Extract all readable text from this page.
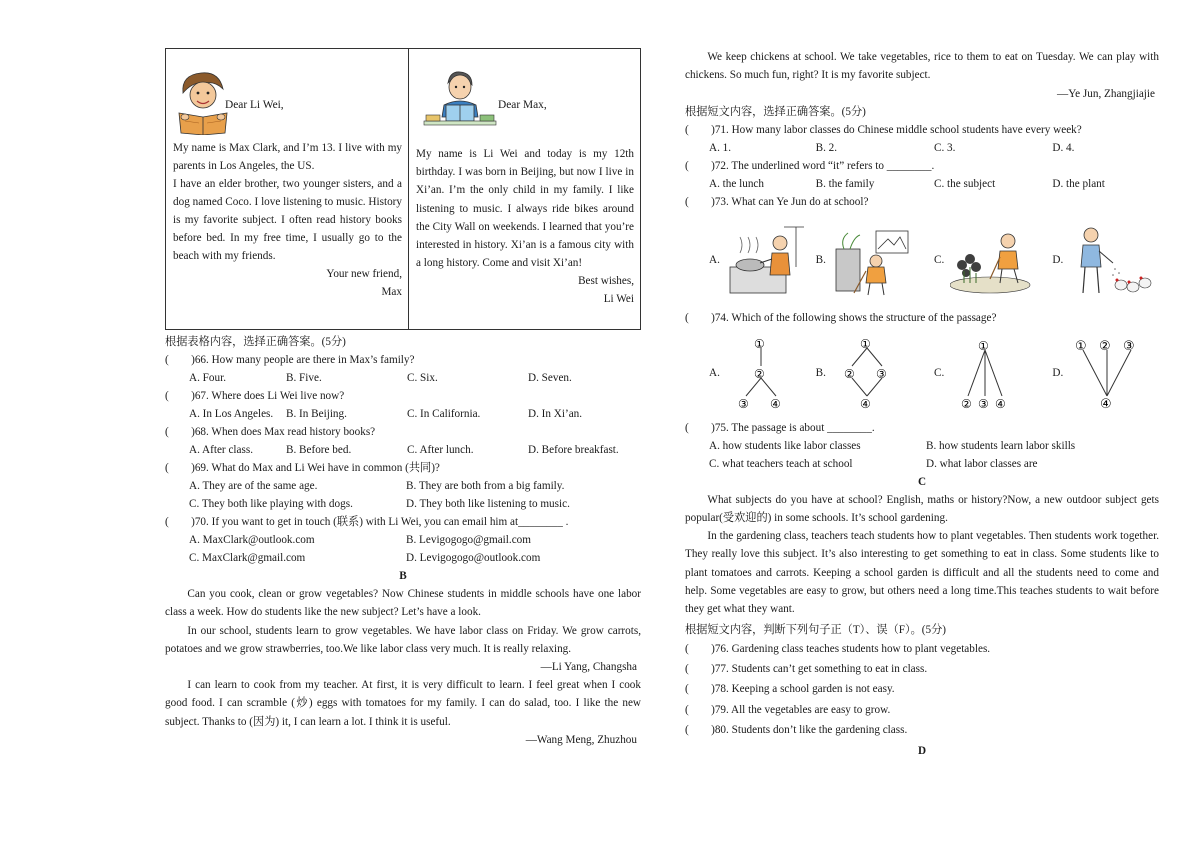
Dear Li Wei,

My name is Max Clark, and I’m 13. I live with my parents in Los Angeles, the US.

I have an elder brother, two younger sisters, and a dog named Coco. I love listening to music. History is my favorite subject. I often read history books before bed. In my free time, I usually go to the beach with my friends.

Your new friend,
Max
Dear Max,

My name is Li Wei and today is my 12th birthday. I was born in Beijing, but now I live in Xi’an. I’m the only child in my family. I like listening to music. I always ride bikes around the City Wall on weekends. I learned that you’re interested in history. Xi’an is a famous city with a long history. Come and visit Xi’an!

Best wishes,
Li Wei

根据表格内容，选择正确答案。(5分)

(　　)66. How many people are there in Max’s family?

A. Four.	B. Five.	C. Six.	D. Seven.

(　　)67. Where does Li Wei live now?

A. In Los Angeles.	B. In Beijing.	C. In California.	D. In Xi’an.

(　　)68. When does Max read history books?

A. After class.	B. Before bed.	C. After lunch.	D. Before breakfast.

(　　)69. What do Max and Li Wei have in common (共同)?

A. They are of the same age.	B. They are both from a big family.
C. They both like playing with dogs.	D. They both like listening to music.

(　　)70. If you want to get in touch (联系) with Li Wei, you can email him at________ .

A. MaxClark@outlook.com	B. Levigogogo@gmail.com
C. MaxClark@gmail.com	D. Levigogogo@outlook.com
B

Can you cook, clean or grow vegetables? Now Chinese students in middle schools have one labor class a week. How do students like the new subject? Let’s have a look.

In our school, students learn to grow vegetables. We have labor class on Friday. We grow carrots, potatoes and we grow strawberries, too.We like labor class very much. It is really relaxing.

—Li Yang, Changsha

I can learn to cook from my teacher. At first, it is very difficult to learn. I feel great when I cook good food. I can scramble (炒) eggs with tomatoes for my family. I can do salad, too. I like the new subject. Thanks to (因为) it, I can learn a lot. I think it is useful.

—Wang Meng, Zhuzhou

We keep chickens at school. We take vegetables, rice to them to eat on Tuesday. We can play with chickens. So much fun, right? It is my favorite subject.

—Ye Jun, Zhangjiajie

根据短文内容，选择正确答案。(5分)

(　　)71. How many labor classes do Chinese middle school students have every week?

A. 1.	B. 2.	C. 3.	D. 4.

(　　)72. The underlined word “it” refers to ________.

A. the lunch	B. the family	C. the subject	D. the plant

(　　)73. What can Ye Jun do at school?

A.	B.	C.	D.

(　　)74. Which of the following shows the structure of the passage?

A.
①
②
③ ④
B.
①
② ③
④
C.
①
② ③ ④
D.
① ② ③
④

(　　)75. The passage is about ________.

A. how students like labor classes	B. how students learn labor skills
C. what teachers teach at school	D. what labor classes are
C

What subjects do you have at school? English, maths or history?Now, a new outdoor subject gets popular(受欢迎的) in some schools. It’s school gardening.

In the gardening class, teachers teach students how to plant vegetables. Then students work together. They really love this subject. It’s also interesting to get something to eat in class. Some students like to plant tomatoes and carrots. Keeping a school garden is difficult and all the students need to come and help. Some vegetables are easy to grow, but others need a long time.This teaches students to wait before they get what they want.

根据短文内容，判断下列句子正（T）、误（F）。(5分)

(　　)76. Gardening class teaches students how to plant vegetables.

(　　)77. Students can’t get something to eat in class.

(　　)78. Keeping a school garden is not easy.

(　　)79. All the vegetables are easy to grow.

(　　)80. Students don’t like the gardening class.

D
